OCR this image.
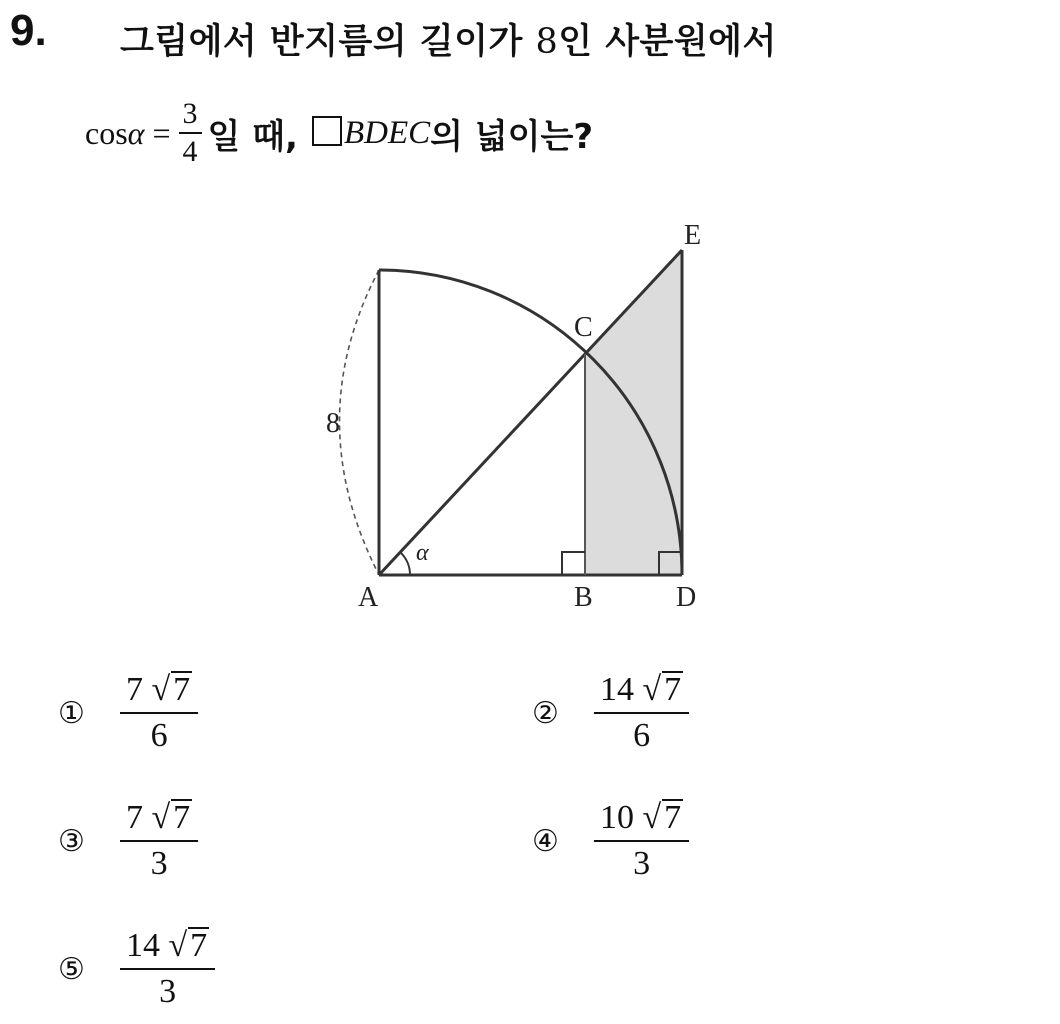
9. 그림에서 반지름의 길이가 8인 사분원에서
$\cos\alpha = \frac{3}{4}$ 일 때, BDEC 의 넓이는?
A	B
C
D
E
8
α
①	$\frac{7 √7}{6}$	②	$\frac{14 √7}{6}$
③	$\frac{7 √7}{3}$	④	$\frac{10 √7}{3}$
⑤	$\frac{14 √7}{3}$
